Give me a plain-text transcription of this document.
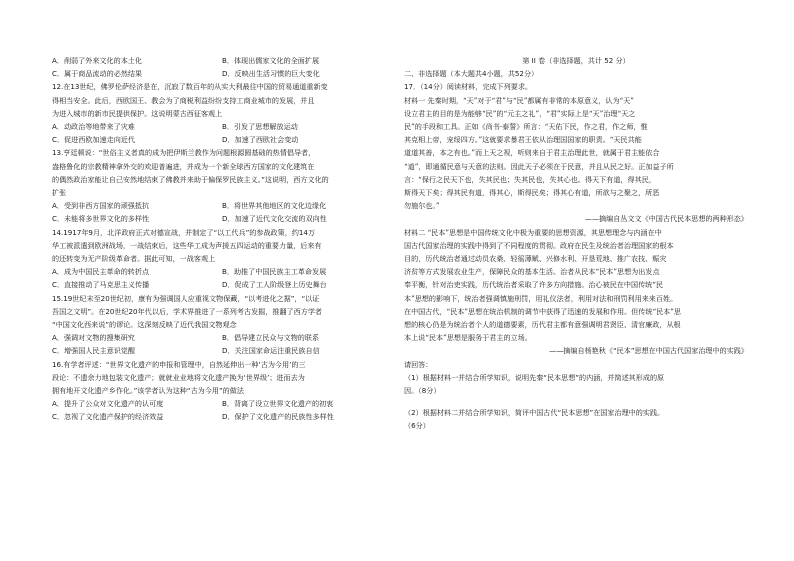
A．削弱了外来文化的本土化	B．体现出儒家文化的全面扩展
C．属于商品流动的必然结果	D．反映出生活习惯的巨大变化
12.在13世纪，佛罗伦萨经济是在，沉寂了数百年的从实大利最往中国的贸易通道重新变
得相当安全。此后，西欧国王、教会为了商税利益纷纷支持工商业城市的发展，并且
为进入城市的新市民提供保护。这说明蒙古西征客观上
A．动政治等地带来了灾难	B．引发了思想解放运动
C．促进西欧加速走向近代	D．加速了西欧社会变动
13.亨廷顿说：“世俗主义者真的成为把伊斯兰教作为问题根源圆基础的热情倡导者，
盎格鲁化的宗教精神拿外交的欢迎普遍进，并成为一个新全球西方国家的文化建筑在
的偶然政治家能让自己安然地结束了佛教并来助于偏保罗民族主义。”这说明，西方文化的
扩张
A．受到非西方国家的顽强抵抗	B．将世界其他地区的文化边缘化
C．未能将多世界文化的多样性	D．加速了近代文化交流的双向性
14.1917年9月，北洋政府正式对德宣战，并制定了“以工代兵”的参战政策，约14万
华工被派遣到欧洲战场，一战结束后，这些华工成为声援五四运动的重要力量，后来有
的还转变为无产阶级革命者。据此可知，一战客观上
A．成为中国民主革命的转折点	B．助推了中国民族主工革命发展
C．直接推动了马克思主义传播	D．促成了工人阶级登上历史舞台
15.19世纪末至20世纪初，康有为强调国人应重视文物保藏，“以考进化之据”，“以证
吾国之文明”。在20世纪20年代以后，学术界推进了一系列考古发掘，推翻了西方学者
“中国文化西来说”的谬论。这深刻反映了近代我国文物观念
A．强调对文物的搜集研究	B．倡导建立民众与文物的联系
C．增强国人民主意识觉醒	D．关注国家命运注重民族自信
16.有学者评述：“世界文化遗产的申报和管理中，自然延伸出一种‘古为今用’的三
段论：不遗余力地包装文化遗产；就就业业地将文化遗产换为‘世界级’；进而去为
拥有地开文化遗产乡作化。”该学者认为这种“古为今用”的做法
A．提升了公众对文化遗产的认可度	B．背离了设立世界文化遗产的初衷
C．忽视了文化遗产保护的经济效益	D．保护了文化遗产的民族性多样性
第 II 卷（非选择题，共计 52 分）
二、非选择题（本大题共4小题，共52分）
17．（14分）阅读材料，完成下列要求。
材料一 先秦时期，“天”对于“君”与“民”都属有非常的本原意义，认为“天”
设立君主的目的是为能够“民”的“元主之礼”，“君”实际上是“天”治理“天之
民”的手段和工具。正如《尚书·泰誓》所言：“天佑下民，作之君，作之师，惟
其克相上帝，宠绥四方。”这就要求暴君王依从治理国国家的职责。“天民共能
道道其善，本之有也。”而上天之视，听则来自于君主治理此世，就属于君主能依合
“道”，即通循民意与天意的法则。因此天子必须在于民意，并且从民之好。正加益子所
言：“保行之民天下也，失其民也；失其民也，失其心也。得天下有道，得其民，
斯得天下矣；得其民有道，得其心，斯得民矣；得其心有道，所欲与之聚之，所恶
勿施尔也。”
——摘编自丛文文《中国古代民本思想的两种形态》
材料二 “民本”思想是中国传统文化中极为重要的思想资源，其思想理念与内涵在中
国古代国家治理的实践中得到了不同程度的贯彻。政府在民生及统治者治理国家的根本
目的，历代统治者通过动员农桑、轻徭薄赋、兴修水利、开垦荒地、推广农技、赈灾
济贫等方式发展农业生产，保障民众的基本生活。治者从民本“民本”思想为出发点
奉平衡，针对治吏实践，历代统治者采取了许多方向措施。治心被民在中国传统“民
本”思想的影响下，统治者强调慎施刑罚，用礼仪法者，利用对法和刑罚利用来来百姓。
在中国古代，“民本”思想在统治机制的调节中获得了迅速的发展和作用。但传统“民本”思
想的核心仍是为统治者个人的道德要素，历代君主都有意强调明君贤臣、清官廉政，从根
本上说“民本”思想是服务于君主的立场。
——摘编自杨艳秋《“民本”思想在中国古代国家治理中的实践》
请回答：
（1）根据材料一并结合所学知识，说明先秦“民本思想”的内涵，并简述其形成的原
因。（8分）
（2）根据材料二并结合所学知识，简评中国古代“民本思想”在国家治理中的实践。
（6分）
